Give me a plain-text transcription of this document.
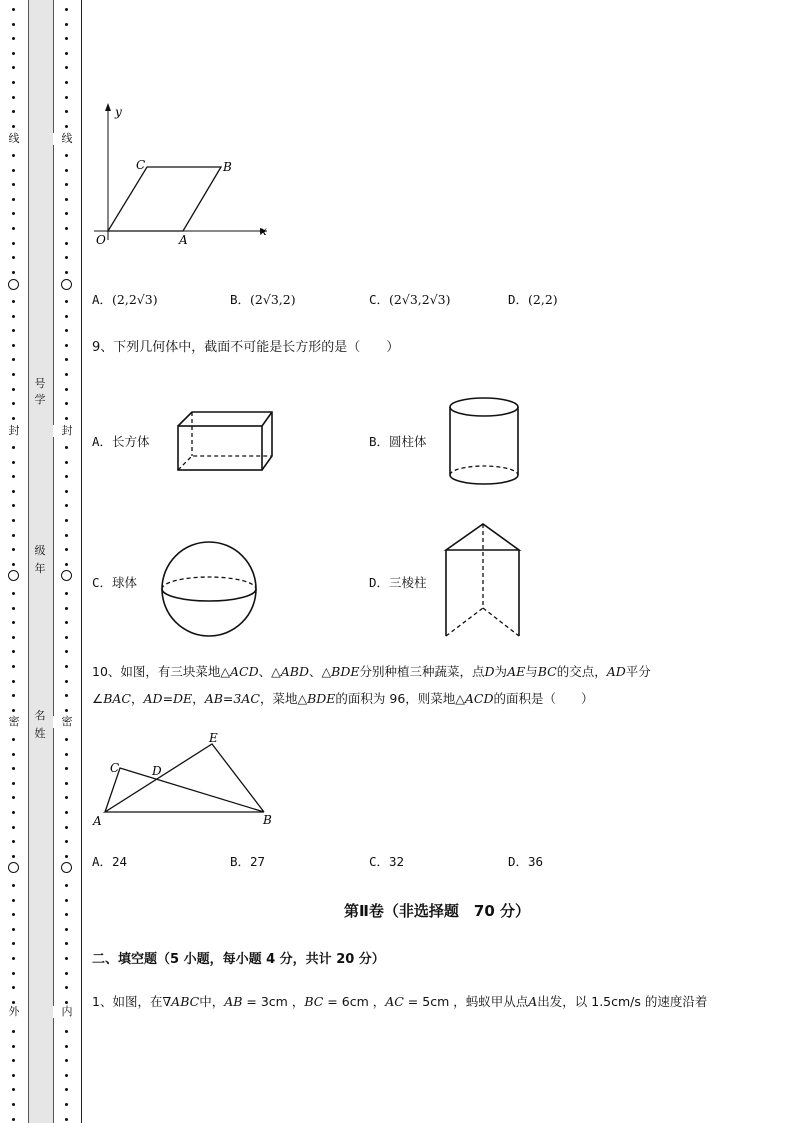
线
封
密
外
号学
级年
名姓
线
封
密
内
y
x
O	A
B
C
A．(2,2√3)	B．(2√3,2)	C．(2√3,2√3)	D．(2,2)
9、下列几何体中，截面不可能是长方形的是（　　）
A．长方体	B．圆柱体
C．球体	D．三棱柱
10、如图，有三块菜地△ACD、△ABD、△BDE分别种植三种蔬菜，点D为AE与BC的交点，AD平分
∠BAC，AD=DE，AB=3AC，菜地△BDE的面积为 96，则菜地△ACD的面积是（　　）
A	B
C	D
E
A．24	B．27	C．32	D．36
第Ⅱ卷（非选择题　70 分）
二、填空题（5 小题，每小题 4 分，共计 20 分）
1、如图，在∇ABC中，AB = 3cm ，BC = 6cm ，AC = 5cm ，蚂蚁甲从点A出发，以 1.5cm/s 的速度沿着
